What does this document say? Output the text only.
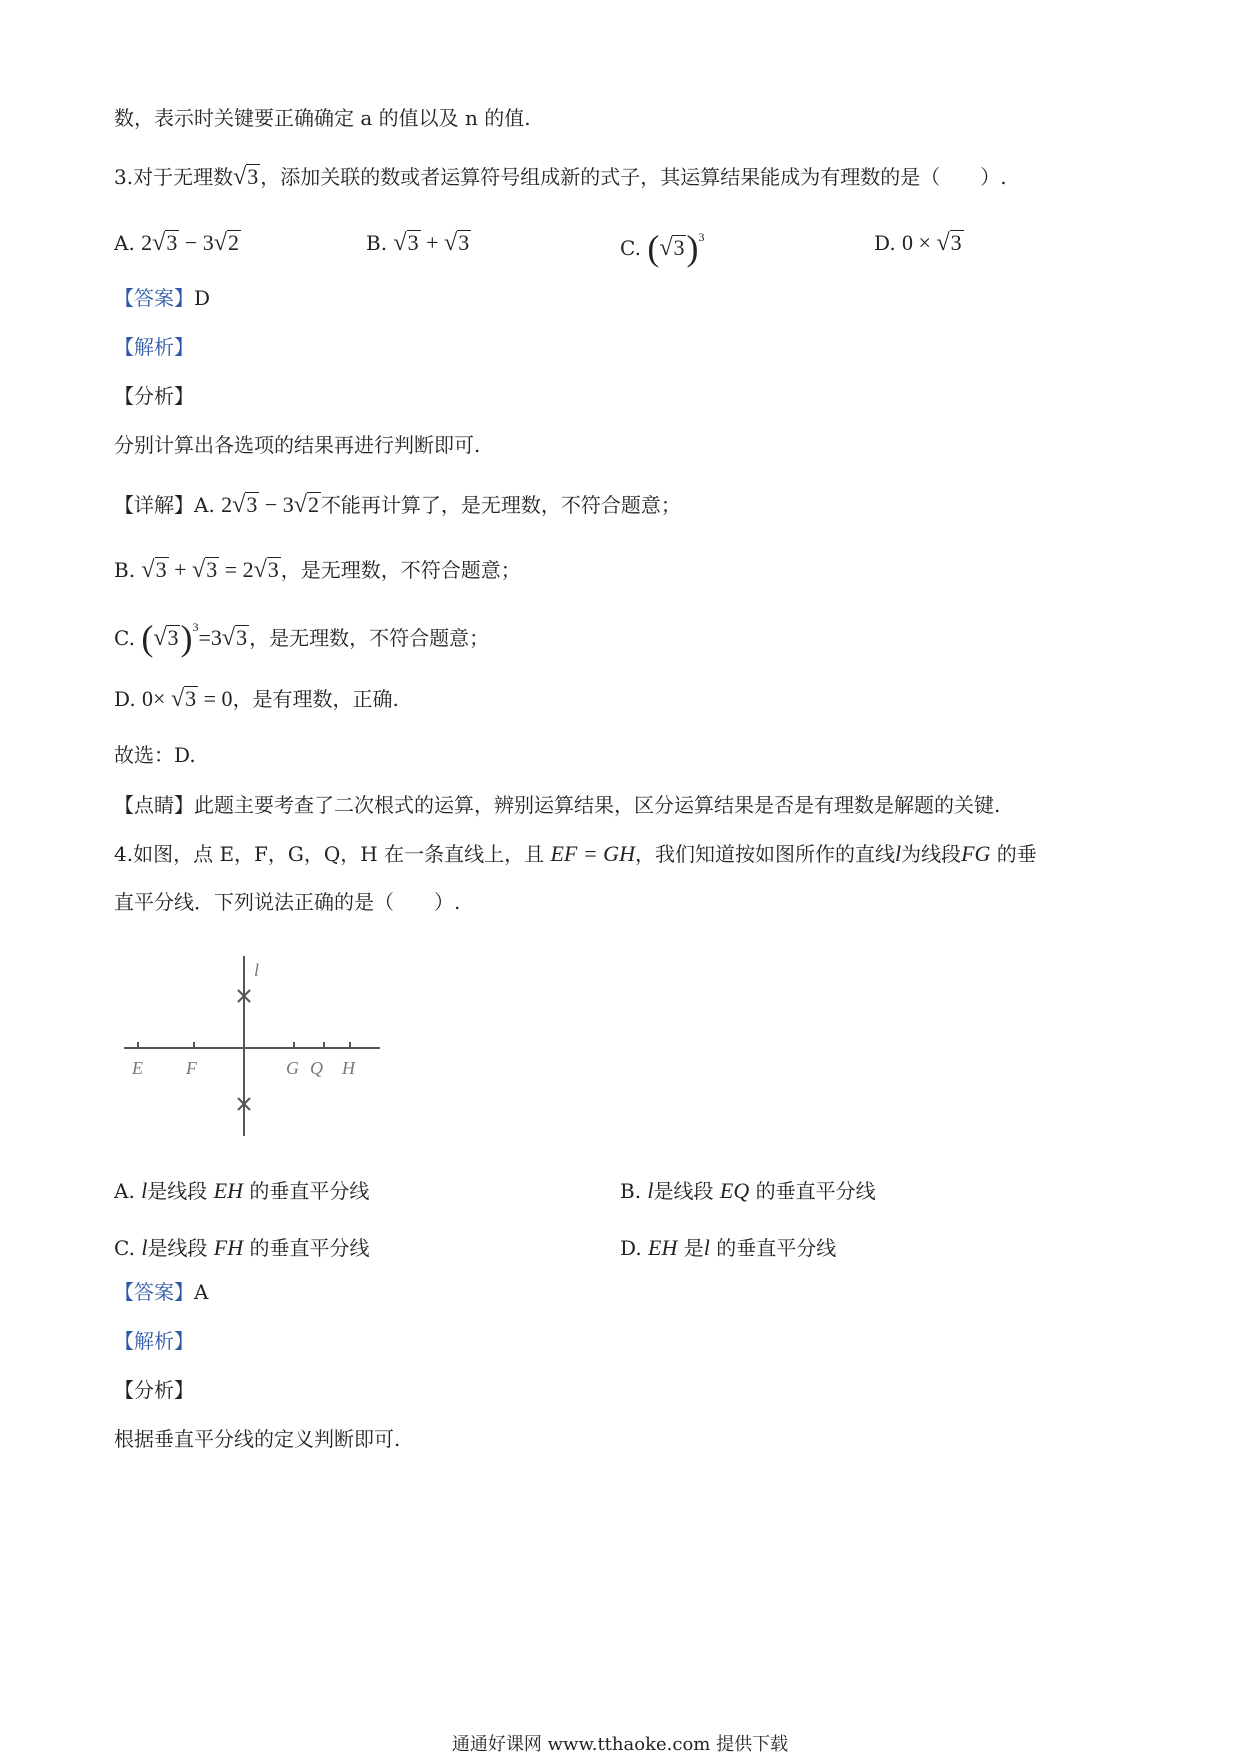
数，表示时关键要正确确定 a 的值以及 n 的值.
3.对于无理数√3 ，添加关联的数或者运算符号组成新的式子，其运算结果能成为有理数的是（　　）.
A. 2√3 − 3√2	B. √3 + √3	C. $(√3)^3$	D. 0 × √3
【答案】D
【解析】
【分析】
分别计算出各选项的结果再进行判断即可.
【详解】A. 2√3 − 3√2 不能再计算了，是无理数，不符合题意；
B. √3 + √3 = 2√3 ，是无理数，不符合题意；
C. $(√3)^3=3√3$ ，是无理数，不符合题意；
D. 0× √3 = 0，是有理数，正确.
故选：D.
【点睛】此题主要考查了二次根式的运算，辨别运算结果，区分运算结果是否是有理数是解题的关键.
4.如图，点 E，F，G，Q，H 在一条直线上，且 EF = GH，我们知道按如图所作的直线l为线段FG 的垂
直平分线．下列说法正确的是（　　）.
l
E F	G Q H
A. l是线段 EH 的垂直平分线	B. l是线段 EQ 的垂直平分线
C. l是线段 FH 的垂直平分线	D. EH 是l 的垂直平分线
【答案】A
【解析】
【分析】
根据垂直平分线的定义判断即可.
通通好课网 www.tthaoke.com 提供下载
